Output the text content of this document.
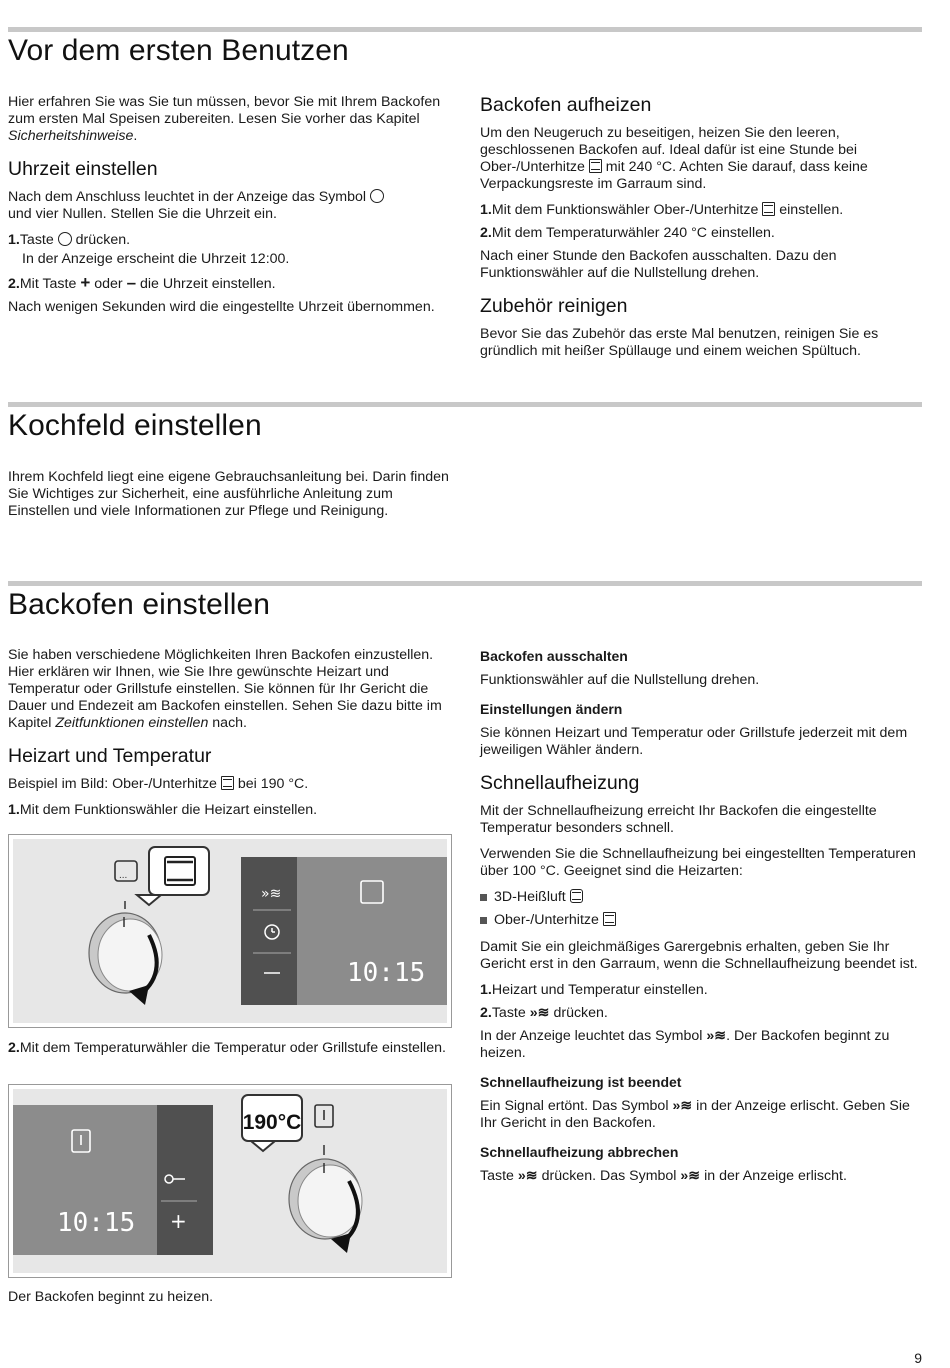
Vor dem ersten Benutzen

Hier erfahren Sie was Sie tun müssen, bevor Sie mit Ihrem Backofen zum ersten Mal Speisen zubereiten. Lesen Sie vorher das Kapitel Sicherheitshinweise.

Uhrzeit einstellen

Nach dem Anschluss leuchtet in der Anzeige das Symbol
und vier Nullen. Stellen Sie die Uhrzeit ein.

1.Taste drücken.
In der Anzeige erscheint die Uhrzeit 12:00.
2.Mit Taste + oder – die Uhrzeit einstellen.

Nach wenigen Sekunden wird die eingestellte Uhrzeit übernommen.

Backofen aufheizen

Um den Neugeruch zu beseitigen, heizen Sie den leeren, geschlossenen Backofen auf. Ideal dafür ist eine Stunde bei Ober-/Unterhitze mit 240 °C. Achten Sie darauf, dass keine Verpackungsreste im Garraum sind.

1.Mit dem Funktionswähler Ober-/Unterhitze einstellen.
2.Mit dem Temperaturwähler 240 °C einstellen.

Nach einer Stunde den Backofen ausschalten. Dazu den Funktionswähler auf die Nullstellung drehen.

Zubehör reinigen

Bevor Sie das Zubehör das erste Mal benutzen, reinigen Sie es gründlich mit heißer Spüllauge und einem weichen Spültuch.

Kochfeld einstellen

Ihrem Kochfeld liegt eine eigene Gebrauchsanleitung bei. Darin finden Sie Wichtiges zur Sicherheit, eine ausführliche Anleitung zum Einstellen und viele Informationen zur Pflege und Reinigung.

Backofen einstellen

Sie haben verschiedene Möglichkeiten Ihren Backofen einzustellen. Hier erklären wir Ihnen, wie Sie Ihre gewünschte Heizart und Temperatur oder Grillstufe einstellen. Sie können für Ihr Gericht die Dauer und Endezeit am Backofen einstellen. Sehen Sie dazu bitte im Kapitel Zeitfunktionen einstellen nach.

Heizart und Temperatur

Beispiel im Bild: Ober-/Unterhitze bei 190 °C.

1.Mit dem Funktionswähler die Heizart einstellen.
...
»≋
10:15
2.Mit dem Temperaturwähler die Temperatur oder Grillstufe einstellen.
+
10:15
190°C

Der Backofen beginnt zu heizen.

Backofen ausschalten

Funktionswähler auf die Nullstellung drehen.

Einstellungen ändern

Sie können Heizart und Temperatur oder Grillstufe jederzeit mit dem jeweiligen Wähler ändern.

Schnellaufheizung

Mit der Schnellaufheizung erreicht Ihr Backofen die eingestellte Temperatur besonders schnell.

Verwenden Sie die Schnellaufheizung bei eingestellten Temperaturen über 100 °C. Geeignet sind die Heizarten:

3D-Heißluft
Ober-/Unterhitze

Damit Sie ein gleichmäßiges Garergebnis erhalten, geben Sie Ihr Gericht erst in den Garraum, wenn die Schnellaufheizung beendet ist.

1.Heizart und Temperatur einstellen.
2.Taste »≋ drücken.

In der Anzeige leuchtet das Symbol »≋. Der Backofen beginnt zu heizen.

Schnellaufheizung ist beendet

Ein Signal ertönt. Das Symbol »≋ in der Anzeige erlischt. Geben Sie Ihr Gericht in den Backofen.

Schnellaufheizung abbrechen

Taste »≋ drücken. Das Symbol »≋ in der Anzeige erlischt.

9
